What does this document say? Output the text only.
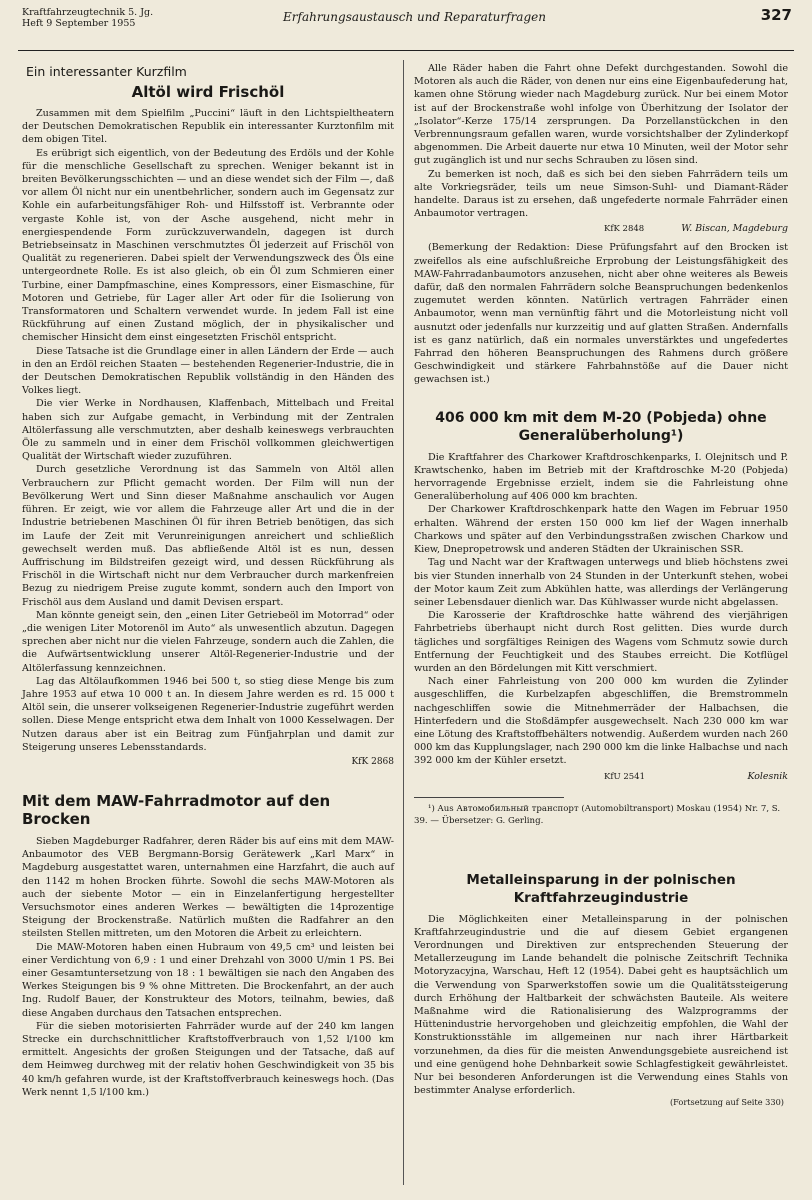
Kraftfahrzeugtechnik 5. Jg.
Heft 9 September 1955	Erfahrungsaustausch und Reparaturfragen	327
Ein interessanter Kurzfilm
Altöl wird Frischöl

Zusammen mit dem Spielfilm „Puccini“ läuft in den Lichtspieltheatern der Deutschen Demokratischen Republik ein interessanter Kurztonfilm mit dem obigen Titel.

Es erübrigt sich eigentlich, von der Bedeutung des Erdöls und der Kohle für die menschliche Gesellschaft zu sprechen. Weniger bekannt ist in breiten Bevölkerungsschichten — und an diese wendet sich der Film —, daß vor allem Öl nicht nur ein unentbehrlicher, sondern auch im Gegensatz zur Kohle ein aufarbeitungsfähiger Roh- und Hilfsstoff ist. Verbrannte oder vergaste Kohle ist, von der Asche ausgehend, nicht mehr in energiespendende Form zurückzuverwandeln, dagegen ist durch Betriebseinsatz in Maschinen verschmutztes Öl jederzeit auf Frischöl von Qualität zu regenerieren. Dabei spielt der Verwendungszweck des Öls eine untergeordnete Rolle. Es ist also gleich, ob ein Öl zum Schmieren einer Turbine, einer Dampfmaschine, eines Kompressors, einer Eismaschine, für Motoren und Getriebe, für Lager aller Art oder für die Isolierung von Transformatoren und Schaltern verwendet wurde. In jedem Fall ist eine Rückführung auf einen Zustand möglich, der in physikalischer und chemischer Hinsicht dem einst eingesetzten Frischöl entspricht.

Diese Tatsache ist die Grundlage einer in allen Ländern der Erde — auch in den an Erdöl reichen Staaten — bestehenden Regenerier-Industrie, die in der Deutschen Demokratischen Republik vollständig in den Händen des Volkes liegt.

Die vier Werke in Nordhausen, Klaffenbach, Mittelbach und Freital haben sich zur Aufgabe gemacht, in Verbindung mit der Zentralen Altölerfassung alle verschmutzten, aber deshalb keineswegs verbrauchten Öle zu sammeln und in einer dem Frischöl vollkommen gleichwertigen Qualität der Wirtschaft wieder zuzuführen.

Durch gesetzliche Verordnung ist das Sammeln von Altöl allen Verbrauchern zur Pflicht gemacht worden. Der Film will nun der Bevölkerung Wert und Sinn dieser Maßnahme anschaulich vor Augen führen. Er zeigt, wie vor allem die Fahrzeuge aller Art und die in der Industrie betriebenen Maschinen Öl für ihren Betrieb benötigen, das sich im Laufe der Zeit mit Verunreinigungen anreichert und schließlich gewechselt werden muß. Das abfließende Altöl ist es nun, dessen Auffrischung im Bildstreifen gezeigt wird, und dessen Rückführung als Frischöl in die Wirtschaft nicht nur dem Verbraucher durch markenfreien Bezug zu niedrigem Preise zugute kommt, sondern auch den Import von Frischöl aus dem Ausland und damit Devisen erspart.

Man könnte geneigt sein, den „einen Liter Getriebeöl im Motorrad“ oder „die wenigen Liter Motorenöl im Auto“ als unwesentlich abzutun. Dagegen sprechen aber nicht nur die vielen Fahrzeuge, sondern auch die Zahlen, die die Aufwärtsentwicklung unserer Altöl-Regenerier-Industrie und der Altölerfassung kennzeichnen.

Lag das Altölaufkommen 1946 bei 500 t, so stieg diese Menge bis zum Jahre 1953 auf etwa 10 000 t an. In diesem Jahre werden es rd. 15 000 t Altöl sein, die unserer volkseigenen Regenerier-Industrie zugeführt werden sollen. Diese Menge entspricht etwa dem Inhalt von 1000 Kesselwagen. Der Nutzen daraus aber ist ein Beitrag zum Fünfjahrplan und damit zur Steigerung unseres Lebensstandards.

KfK 2868
Mit dem MAW-Fahrradmotor auf den Brocken

Sieben Magdeburger Radfahrer, deren Räder bis auf eins mit dem MAW-Anbaumotor des VEB Bergmann-Borsig Gerätewerk „Karl Marx“ in Magdeburg ausgestattet waren, unternahmen eine Harzfahrt, die auch auf den 1142 m hohen Brocken führte. Sowohl die sechs MAW-Motoren als auch der siebente Motor — ein in Einzelanfertigung hergestellter Versuchsmotor eines anderen Werkes — bewältigten die 14prozentige Steigung der Brockenstraße. Natürlich mußten die Radfahrer an den steilsten Stellen mittreten, um den Motoren die Arbeit zu erleichtern.

Die MAW-Motoren haben einen Hubraum von 49,5 cm³ und leisten bei einer Verdichtung von 6,9 : 1 und einer Drehzahl von 3000 U/min 1 PS. Bei einer Gesamtuntersetzung von 18 : 1 bewältigen sie nach den Angaben des Werkes Steigungen bis 9 % ohne Mittreten. Die Brockenfahrt, an der auch Ing. Rudolf Bauer, der Konstrukteur des Motors, teilnahm, bewies, daß diese Angaben durchaus den Tatsachen entsprechen.

Für die sieben motorisierten Fahrräder wurde auf der 240 km langen Strecke ein durchschnittlicher Kraftstoffverbrauch von 1,52 l/100 km ermittelt. Angesichts der großen Steigungen und der Tatsache, daß auf dem Heimweg durchweg mit der relativ hohen Geschwindigkeit von 35 bis 40 km/h gefahren wurde, ist der Kraftstoffverbrauch keineswegs hoch. (Das Werk nennt 1,5 l/100 km.)

Alle Räder haben die Fahrt ohne Defekt durchgestanden. Sowohl die Motoren als auch die Räder, von denen nur eins eine Eigenbaufederung hat, kamen ohne Störung wieder nach Magdeburg zurück. Nur bei einem Motor ist auf der Brockenstraße wohl infolge von Überhitzung der Isolator der „Isolator“-Kerze 175/14 zersprungen. Da Porzellanstückchen in den Verbrennungsraum gefallen waren, wurde vorsichtshalber der Zylinderkopf abgenommen. Die Arbeit dauerte nur etwa 10 Minuten, weil der Motor sehr gut zugänglich ist und nur sechs Schrauben zu lösen sind.

Zu bemerken ist noch, daß es sich bei den sieben Fahrrädern teils um alte Vorkriegsräder, teils um neue Simson-Suhl- und Diamant-Räder handelte. Daraus ist zu ersehen, daß ungefederte normale Fahrräder einen Anbaumotor vertragen.

KfK 2848	W. Biscan, Magdeburg

(Bemerkung der Redaktion: Diese Prüfungsfahrt auf den Brocken ist zweifellos als eine aufschlußreiche Erprobung der Leistungsfähigkeit des MAW-Fahrradanbaumotors anzusehen, nicht aber ohne weiteres als Beweis dafür, daß den normalen Fahrrädern solche Beanspruchungen bedenkenlos zugemutet werden könnten. Natürlich vertragen Fahrräder einen Anbaumotor, wenn man vernünftig fährt und die Motorleistung nicht voll ausnutzt oder jedenfalls nur kurzzeitig und auf glatten Straßen. Andernfalls ist es ganz natürlich, daß ein normales unverstärktes und ungefedertes Fahrrad den höheren Beanspruchungen des Rahmens durch größere Geschwindigkeit und stärkere Fahrbahnstöße auf die Dauer nicht gewachsen ist.)

406 000 km mit dem M-20 (Pobjeda) ohne Generalüberholung¹)

Die Kraftfahrer des Charkower Kraftdroschkenparks, I. Olejnitsch und P. Krawtschenko, haben im Betrieb mit der Kraftdroschke M-20 (Pobjeda) hervorragende Ergebnisse erzielt, indem sie die Fahrleistung ohne Generalüberholung auf 406 000 km brachten.

Der Charkower Kraftdroschkenpark hatte den Wagen im Februar 1950 erhalten. Während der ersten 150 000 km lief der Wagen innerhalb Charkows und später auf den Verbindungsstraßen zwischen Charkow und Kiew, Dnepropetrowsk und anderen Städten der Ukrainischen SSR.

Tag und Nacht war der Kraftwagen unterwegs und blieb höchstens zwei bis vier Stunden innerhalb von 24 Stunden in der Unterkunft stehen, wobei der Motor kaum Zeit zum Abkühlen hatte, was allerdings der Verlängerung seiner Lebensdauer dienlich war. Das Kühlwasser wurde nicht abgelassen.

Die Karosserie der Kraftdroschke hatte während des vierjährigen Fahrbetriebs überhaupt nicht durch Rost gelitten. Dies wurde durch tägliches und sorgfältiges Reinigen des Wagens vom Schmutz sowie durch Entfernung der Feuchtigkeit und des Staubes erreicht. Die Kotflügel wurden an den Bördelungen mit Kitt verschmiert.

Nach einer Fahrleistung von 200 000 km wurden die Zylinder ausgeschliffen, die Kurbelzapfen abgeschliffen, die Bremstrommeln nachgeschliffen sowie die Mitnehmerräder der Halbachsen, die Hinterfedern und die Stoßdämpfer ausgewechselt. Nach 230 000 km war eine Lötung des Kraftstoffbehälters notwendig. Außerdem wurden nach 260 000 km das Kupplungslager, nach 290 000 km die linke Halbachse und nach 392 000 km der Kühler ersetzt.

KfU 2541	Kolesnik

¹) Aus Автомобильный транспорт (Automobiltransport) Moskau (1954) Nr. 7, S. 39. — Übersetzer: G. Gerling.

Metalleinsparung in der polnischen Kraftfahrzeugindustrie

Die Möglichkeiten einer Metalleinsparung in der polnischen Kraftfahrzeugindustrie und die auf diesem Gebiet ergangenen Verordnungen und Direktiven zur entsprechenden Steuerung der Metallerzeugung im Lande behandelt die polnische Zeitschrift Technika Motoryzacyjna, Warschau, Heft 12 (1954). Dabei geht es hauptsächlich um die Verwendung von Sparwerkstoffen sowie um die Qualitätssteigerung durch Erhöhung der Haltbarkeit der schwächsten Bauteile. Als weitere Maßnahme wird die Rationalisierung des Walzprogramms der Hüttenindustrie hervorgehoben und gleichzeitig empfohlen, die Wahl der Konstruktionsstähle im allgemeinen nur nach ihrer Härtbarkeit vorzunehmen, da dies für die meisten Anwendungsgebiete ausreichend ist und eine genügend hohe Dehnbarkeit sowie Schlagfestigkeit gewährleistet. Nur bei besonderen Anforderungen ist die Verwendung eines Stahls von bestimmter Analyse erforderlich.

(Fortsetzung auf Seite 330)
